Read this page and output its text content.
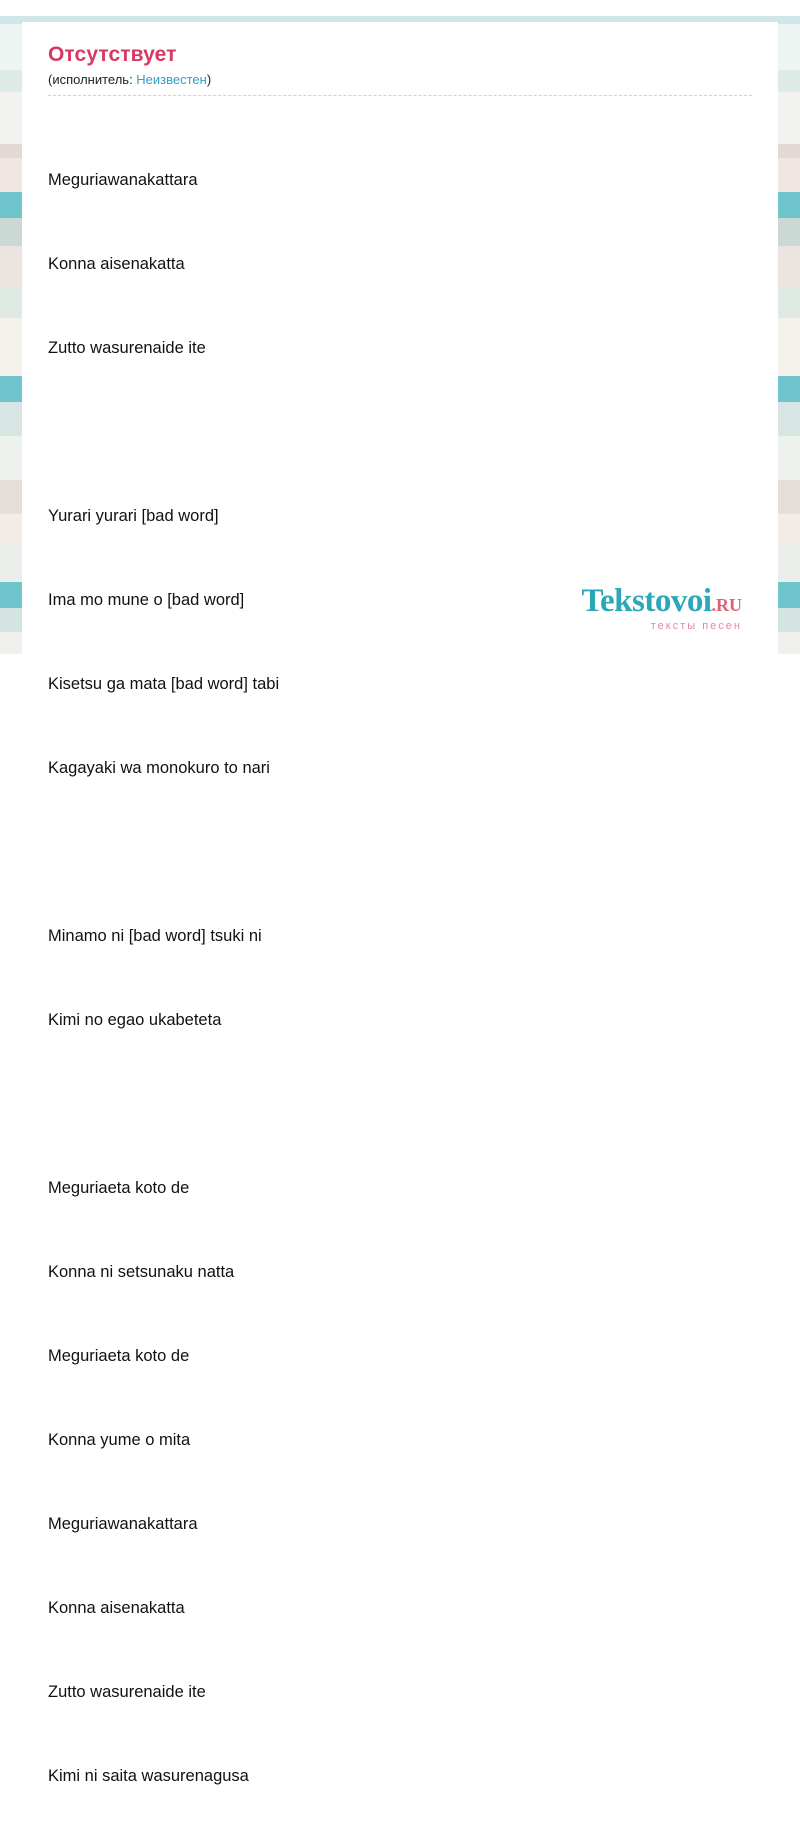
Отсутствует
(исполнитель: Неизвестен)

Meguriawanakattara

Konna aisenakatta

Zutto wasurenaide ite

Yurari yurari [bad word]

Ima mo mune o [bad word]

Kisetsu ga mata [bad word] tabi

Kagayaki wa monokuro to nari

Minamo ni [bad word] tsuki ni

Kimi no egao ukabeteta

Meguriaeta koto de

Konna ni setsunaku natta

Meguriaeta koto de

Konna yume o mita

Meguriawanakattara

Konna aisenakatta

Zutto wasurenaide ite

Kimi ni saita wasurenagusa

Tekstovoi.RU
тексты песен
